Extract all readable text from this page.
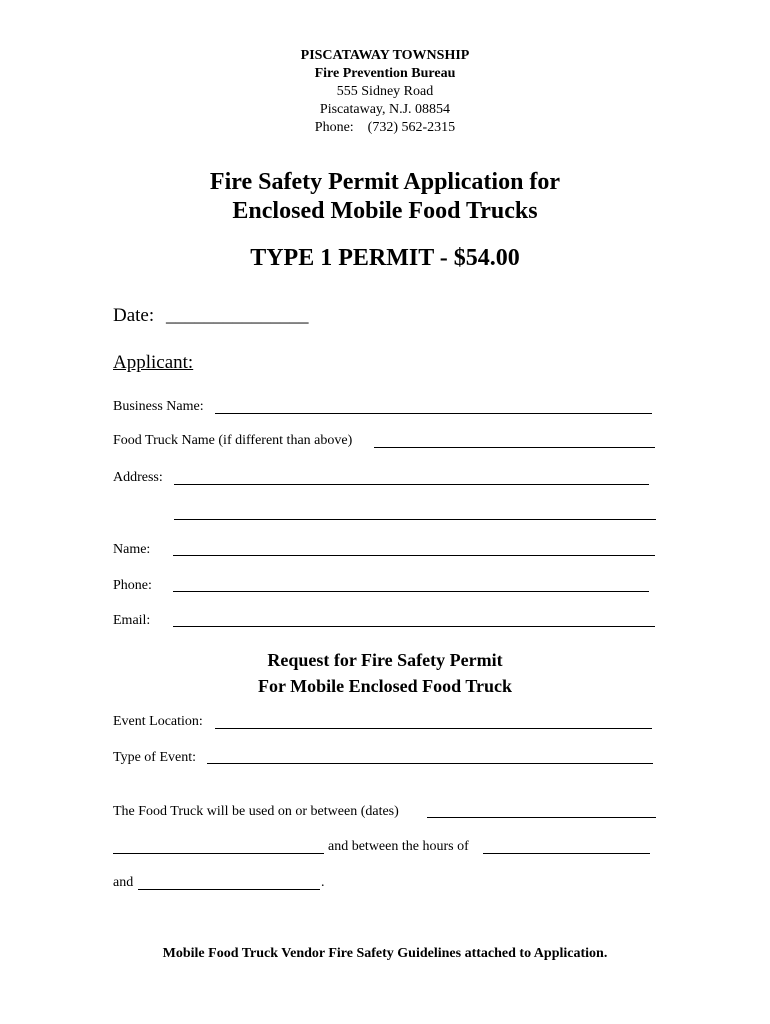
PISCATAWAY TOWNSHIP
Fire Prevention Bureau
555 Sidney Road
Piscataway, N.J. 08854
Phone:    (732) 562-2315
Fire Safety Permit Application for
Enclosed Mobile Food Trucks
TYPE 1 PERMIT - $54.00
Date: _______________
Applicant:
Business Name:
Food Truck Name (if different than above)
Address:
Name:
Phone:
Email:
Request for Fire Safety Permit
For Mobile Enclosed Food Truck
Event Location:
Type of Event:
The Food Truck will be used on or between (dates)
and between the hours of
and	.
Mobile Food Truck Vendor Fire Safety Guidelines attached to Application.
